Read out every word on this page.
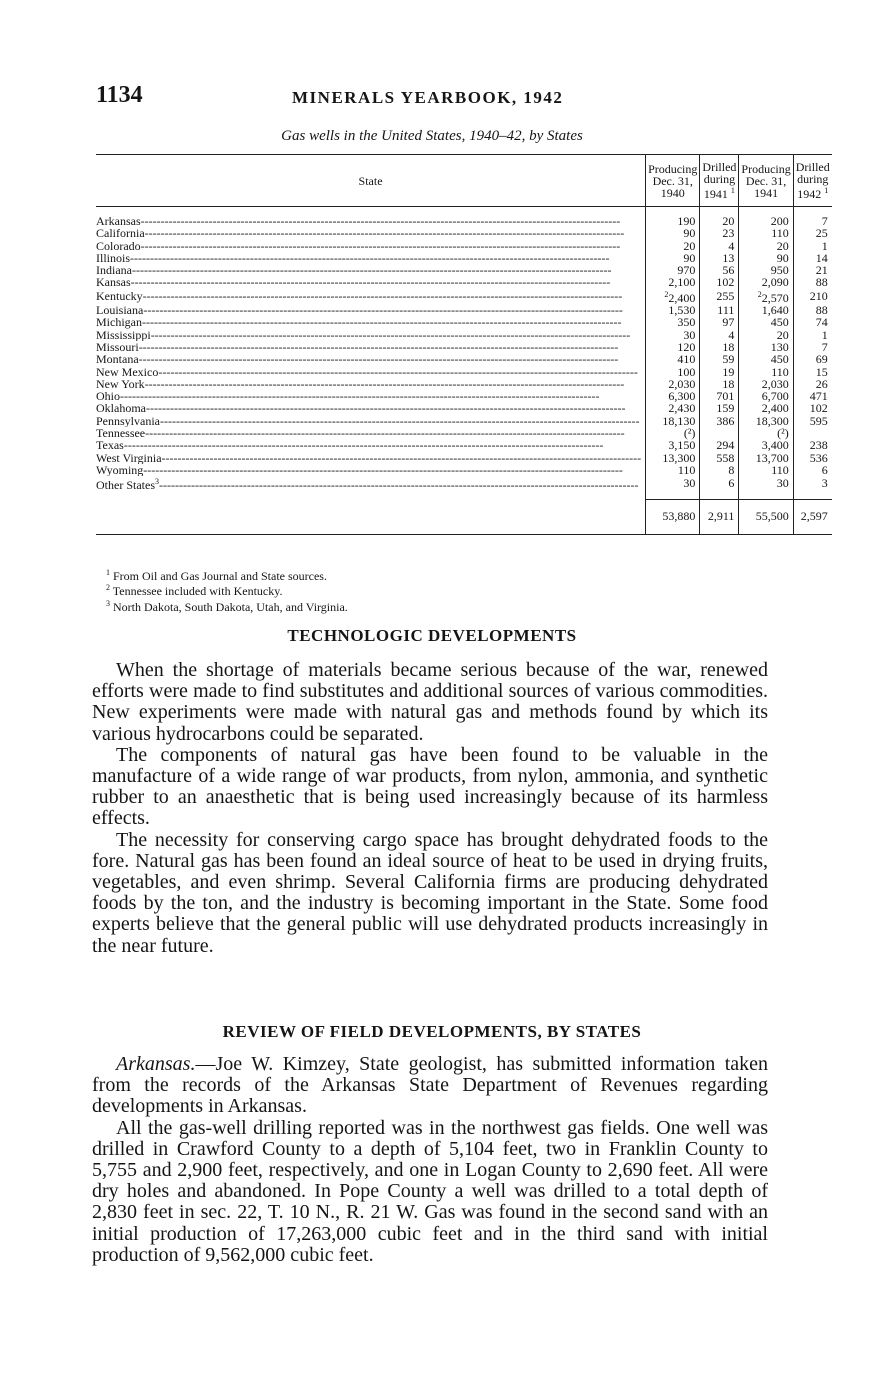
1134	MINERALS YEARBOOK, 1942
Gas wells in the United States, 1940–42, by States
State	Producing Dec. 31, 1940	Drilled during 1941 $^1$	Producing Dec. 31, 1941	Drilled during 1942 $^1$
Arkansas------------------------------------------------------------------------------------------------------------------------	190	20	200	7
California------------------------------------------------------------------------------------------------------------------------	90	23	110	25
Colorado------------------------------------------------------------------------------------------------------------------------	20	4	20	1
Illinois------------------------------------------------------------------------------------------------------------------------	90	13	90	14
Indiana------------------------------------------------------------------------------------------------------------------------	970	56	950	21
Kansas------------------------------------------------------------------------------------------------------------------------	2,100	102	2,090	88
Kentucky------------------------------------------------------------------------------------------------------------------------	$^2$2,400	255	$^2$2,570	210
Louisiana------------------------------------------------------------------------------------------------------------------------	1,530	111	1,640	88
Michigan------------------------------------------------------------------------------------------------------------------------	350	97	450	74
Mississippi------------------------------------------------------------------------------------------------------------------------	30	4	20	1
Missouri------------------------------------------------------------------------------------------------------------------------	120	18	130	7
Montana------------------------------------------------------------------------------------------------------------------------	410	59	450	69
New Mexico------------------------------------------------------------------------------------------------------------------------	100	19	110	15
New York------------------------------------------------------------------------------------------------------------------------	2,030	18	2,030	26
Ohio------------------------------------------------------------------------------------------------------------------------	6,300	701	6,700	471
Oklahoma------------------------------------------------------------------------------------------------------------------------	2,430	159	2,400	102
Pennsylvania------------------------------------------------------------------------------------------------------------------------	18,130	386	18,300	595
Tennessee------------------------------------------------------------------------------------------------------------------------	(²)		(²)	
Texas------------------------------------------------------------------------------------------------------------------------	3,150	294	3,400	238
West Virginia------------------------------------------------------------------------------------------------------------------------	13,300	558	13,700	536
Wyoming------------------------------------------------------------------------------------------------------------------------	110	8	110	6
Other States$^3$------------------------------------------------------------------------------------------------------------------------	30	6	30	3
	53,880	2,911	55,500	2,597
$^1$ From Oil and Gas Journal and State sources.
$^2$ Tennessee included with Kentucky.
$^3$ North Dakota, South Dakota, Utah, and Virginia.
TECHNOLOGIC DEVELOPMENTS

When the shortage of materials became serious because of the war, renewed efforts were made to find substitutes and additional sources of various commodities. New experiments were made with natural gas and methods found by which its various hydrocarbons could be separated.

The components of natural gas have been found to be valuable in the manufacture of a wide range of war products, from nylon, ammonia, and synthetic rubber to an anaesthetic that is being used increasingly because of its harmless effects.

The necessity for conserving cargo space has brought dehydrated foods to the fore. Natural gas has been found an ideal source of heat to be used in drying fruits, vegetables, and even shrimp. Several California firms are producing dehydrated foods by the ton, and the industry is becoming important in the State. Some food experts believe that the general public will use dehydrated products increasingly in the near future.

REVIEW OF FIELD DEVELOPMENTS, BY STATES

Arkansas.—Joe W. Kimzey, State geologist, has submitted information taken from the records of the Arkansas State Department of Revenues regarding developments in Arkansas.

All the gas-well drilling reported was in the northwest gas fields. One well was drilled in Crawford County to a depth of 5,104 feet, two in Franklin County to 5,755 and 2,900 feet, respectively, and one in Logan County to 2,690 feet. All were dry holes and abandoned. In Pope County a well was drilled to a total depth of 2,830 feet in sec. 22, T. 10 N., R. 21 W. Gas was found in the second sand with an initial production of 17,263,000 cubic feet and in the third sand with initial production of 9,562,000 cubic feet.
